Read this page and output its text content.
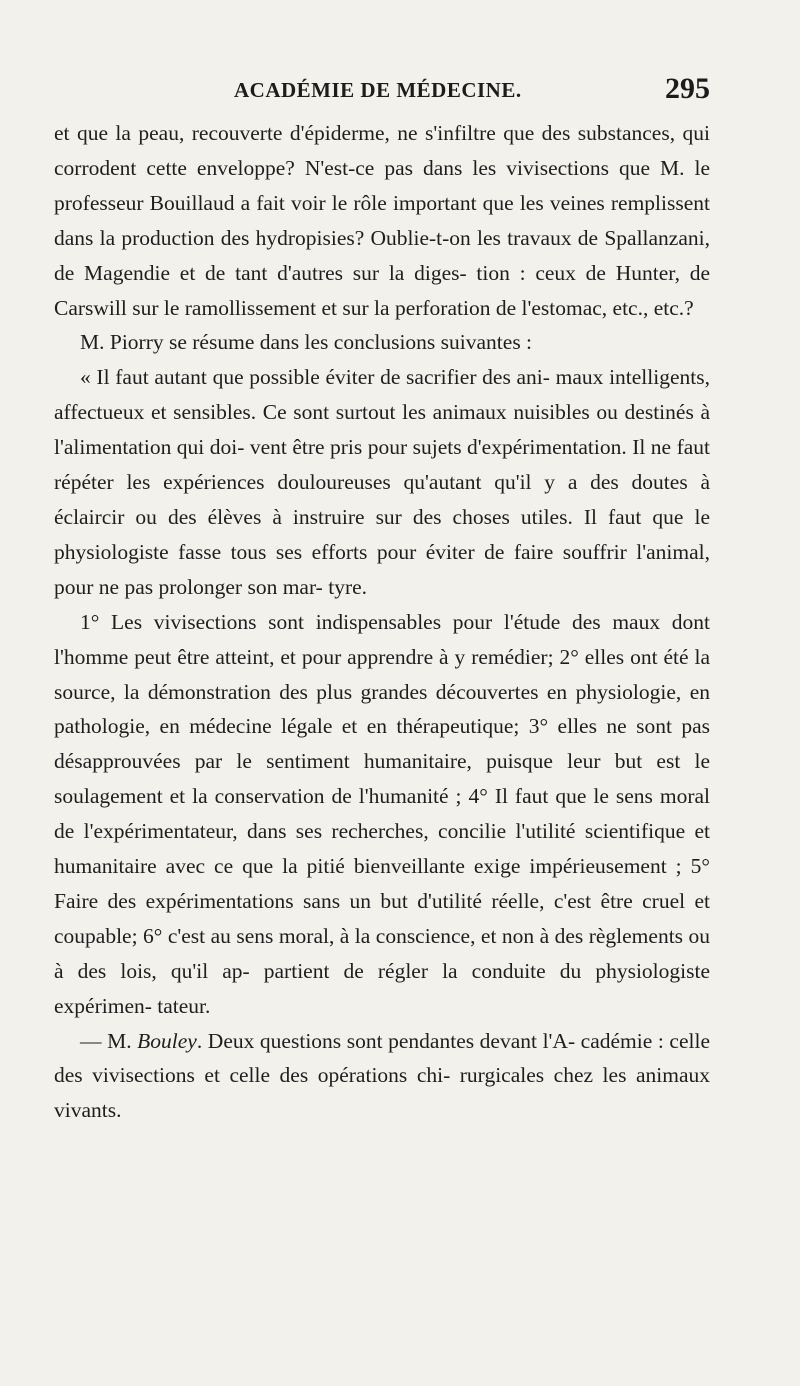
ACADÉMIE DE MÉDECINE.	295

et que la peau, recouverte d'épiderme, ne s'infiltre que des substances, qui corrodent cette enveloppe? N'est-ce pas dans les vivisections que M. le professeur Bouillaud a fait voir le rôle important que les veines remplissent dans la production des hydropisies? Oublie-t-on les travaux de Spallanzani, de Magendie et de tant d'autres sur la diges- tion : ceux de Hunter, de Carswill sur le ramollissement et sur la perforation de l'estomac, etc., etc.?

M. Piorry se résume dans les conclusions suivantes :

« Il faut autant que possible éviter de sacrifier des ani- maux intelligents, affectueux et sensibles. Ce sont surtout les animaux nuisibles ou destinés à l'alimentation qui doi- vent être pris pour sujets d'expérimentation. Il ne faut répéter les expériences douloureuses qu'autant qu'il y a des doutes à éclaircir ou des élèves à instruire sur des choses utiles. Il faut que le physiologiste fasse tous ses efforts pour éviter de faire souffrir l'animal, pour ne pas prolonger son mar- tyre.

1° Les vivisections sont indispensables pour l'étude des maux dont l'homme peut être atteint, et pour apprendre à y remédier; 2° elles ont été la source, la démonstration des plus grandes découvertes en physiologie, en pathologie, en médecine légale et en thérapeutique; 3° elles ne sont pas désapprouvées par le sentiment humanitaire, puisque leur but est le soulagement et la conservation de l'humanité ; 4° Il faut que le sens moral de l'expérimentateur, dans ses recherches, concilie l'utilité scientifique et humanitaire avec ce que la pitié bienveillante exige impérieusement ; 5° Faire des expérimentations sans un but d'utilité réelle, c'est être cruel et coupable; 6° c'est au sens moral, à la conscience, et non à des règlements ou à des lois, qu'il ap- partient de régler la conduite du physiologiste expérimen- tateur.

— M. Bouley. Deux questions sont pendantes devant l'A- cadémie : celle des vivisections et celle des opérations chi- rurgicales chez les animaux vivants.
